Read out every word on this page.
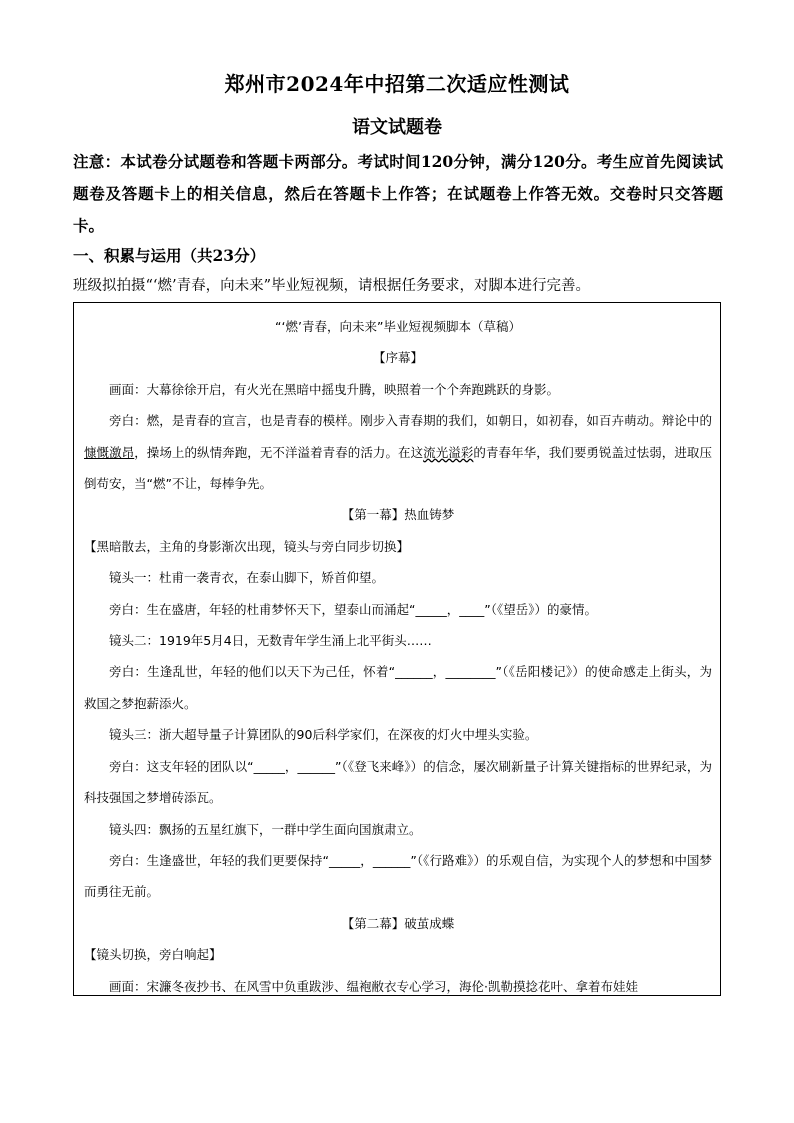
郑州市2024年中招第二次适应性测试
语文试题卷
注意：本试卷分试题卷和答题卡两部分。考试时间120分钟，满分120分。考生应首先阅读试题卷及答题卡上的相关信息，然后在答题卡上作答；在试题卷上作答无效。交卷时只交答题卡。
一、积累与运用（共23分）
班级拟拍摄“‘燃’青春，向未来”毕业短视频，请根据任务要求，对脚本进行完善。

“‘燃’青春，向未来”毕业短视频脚本（草稿）

【序幕】

画面：大幕徐徐开启，有火光在黑暗中摇曳升腾，映照着一个个奔跑跳跃的身影。

旁白：燃，是青春的宣言，也是青春的模样。刚步入青春期的我们，如朝日，如初春，如百卉萌动。辩论中的慷慨激昂，操场上的纵情奔跑，无不洋溢着青春的活力。在这流光溢彩的青春年华，我们要勇锐盖过怯弱，进取压倒苟安，当“燃”不让，每棒争先。

【第一幕】热血铸梦

【黑暗散去，主角的身影渐次出现，镜头与旁白同步切换】

镜头一：杜甫一袭青衣，在泰山脚下，矫首仰望。

旁白：生在盛唐，年轻的杜甫梦怀天下，望泰山而涌起“_____，____”（《望岳》）的豪情。

镜头二：1919年5月4日，无数青年学生涌上北平街头……

旁白：生逢乱世，年轻的他们以天下为己任，怀着“______，________”（《岳阳楼记》）的使命感走上街头，为救国之梦抱薪添火。

镜头三：浙大超导量子计算团队的90后科学家们，在深夜的灯火中埋头实验。

旁白：这支年轻的团队以“_____，______”（《登飞来峰》）的信念，屡次刷新量子计算关键指标的世界纪录，为科技强国之梦增砖添瓦。

镜头四：飘扬的五星红旗下，一群中学生面向国旗肃立。

旁白：生逢盛世，年轻的我们更要保持“_____，______”（《行路难》）的乐观自信，为实现个人的梦想和中国梦而勇往无前。

【第二幕】破茧成蝶

【镜头切换，旁白响起】

画面：宋濂冬夜抄书、在风雪中负重跋涉、缊袍敝衣专心学习，海伦·凯勒摸捻花叶、拿着布娃娃
